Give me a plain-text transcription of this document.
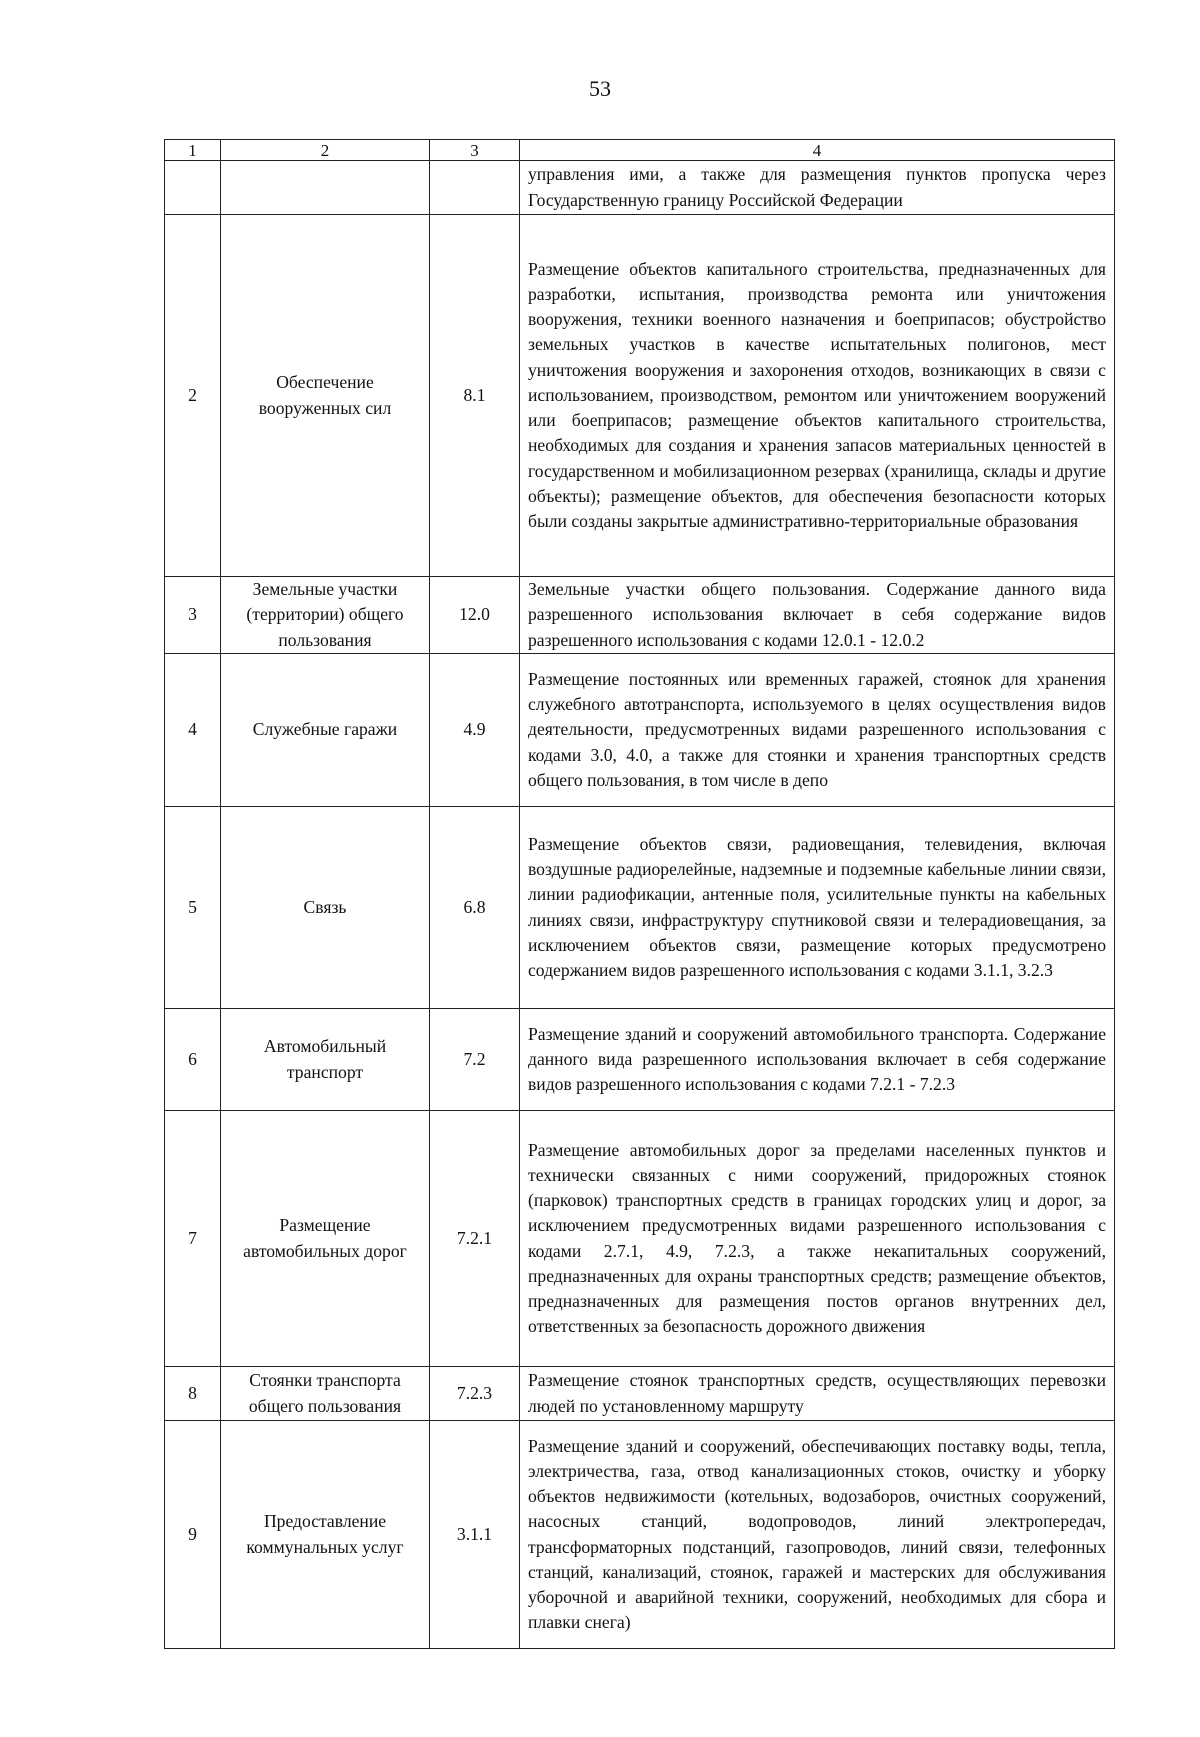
53
1	2	3	4
			управления ими, а также для размещения пунктов пропуска через Государственную границу Российской Федерации
2	Обеспечение вооруженных сил	8.1	Размещение объектов капитального строительства, предназначенных для разработки, испытания, производства ремонта или уничтожения вооружения, техники военного назначения и боеприпасов; обустройство земельных участков в качестве испытательных полигонов, мест уничтожения вооружения и захоронения отходов, возникающих в связи с использованием, производством, ремонтом или уничтожением вооружений или боеприпасов; размещение объектов капитального строительства, необходимых для создания и хранения запасов материальных ценностей в государственном и мобилизационном резервах (хранилища, склады и другие объекты); размещение объектов, для обеспечения безопасности которых были созданы закрытые административно-территориальные образования
3	Земельные участки (территории) общего пользования	12.0	Земельные участки общего пользования. Содержание данного вида разрешенного использования включает в себя содержание видов разрешенного использования с кодами 12.0.1 - 12.0.2
4	Служебные гаражи	4.9	Размещение постоянных или временных гаражей, стоянок для хранения служебного автотранспорта, используемого в целях осуществления видов деятельности, предусмотренных видами разрешенного использования с кодами 3.0, 4.0, а также для стоянки и хранения транспортных средств общего пользования, в том числе в депо
5	Связь	6.8	Размещение объектов связи, радиовещания, телевидения, включая воздушные радиорелейные, надземные и подземные кабельные линии связи, линии радиофикации, антенные поля, усилительные пункты на кабельных линиях связи, инфраструктуру спутниковой связи и телерадиовещания, за исключением объектов связи, размещение которых предусмотрено содержанием видов разрешенного использования с кодами 3.1.1, 3.2.3
6	Автомобильный транспорт	7.2	Размещение зданий и сооружений автомобильного транспорта. Содержание данного вида разрешенного использования включает в себя содержание видов разрешенного использования с кодами 7.2.1 - 7.2.3
7	Размещение автомобильных дорог	7.2.1	Размещение автомобильных дорог за пределами населенных пунктов и технически связанных с ними сооружений, придорожных стоянок (парковок) транспортных средств в границах городских улиц и дорог, за исключением предусмотренных видами разрешенного использования с кодами 2.7.1, 4.9, 7.2.3, а также некапитальных сооружений, предназначенных для охраны транспортных средств; размещение объектов, предназначенных для размещения постов органов внутренних дел, ответственных за безопасность дорожного движения
8	Стоянки транспорта общего пользования	7.2.3	Размещение стоянок транспортных средств, осуществляющих перевозки людей по установленному маршруту
9	Предоставление коммунальных услуг	3.1.1	Размещение зданий и сооружений, обеспечивающих поставку воды, тепла, электричества, газа, отвод канализационных стоков, очистку и уборку объектов недвижимости (котельных, водозаборов, очистных сооружений, насосных станций, водопроводов, линий электропередач, трансформаторных подстанций, газопроводов, линий связи, телефонных станций, канализаций, стоянок, гаражей и мастерских для обслуживания уборочной и аварийной техники, сооружений, необходимых для сбора и плавки снега)
